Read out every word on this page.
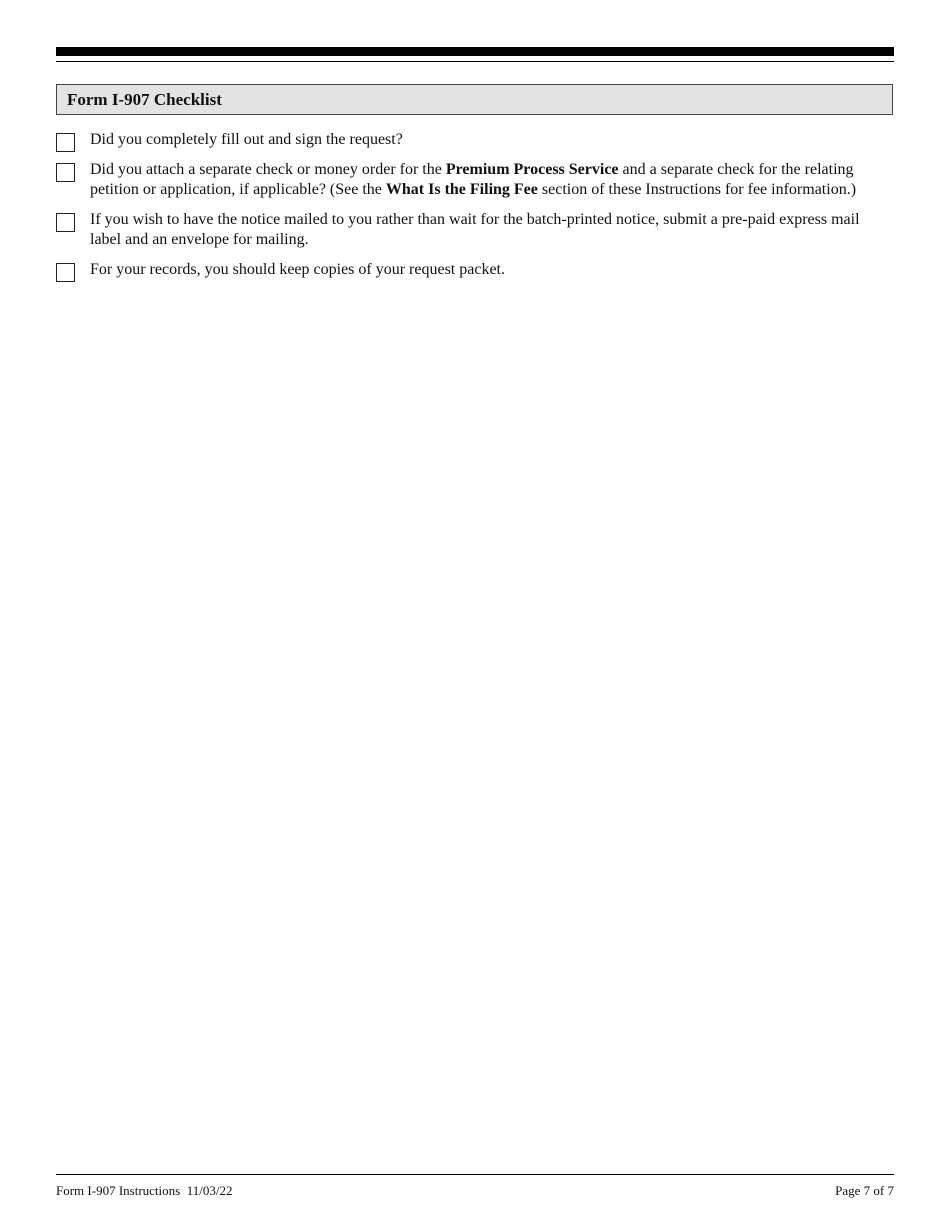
Form I-907 Checklist
Did you completely fill out and sign the request?
Did you attach a separate check or money order for the Premium Process Service and a separate check for the relating petition or application, if applicable? (See the What Is the Filing Fee section of these Instructions for fee information.)
If you wish to have the notice mailed to you rather than wait for the batch-printed notice, submit a pre-paid express mail label and an envelope for mailing.
For your records, you should keep copies of your request packet.
Form I-907 Instructions  11/03/22	Page 7 of 7
